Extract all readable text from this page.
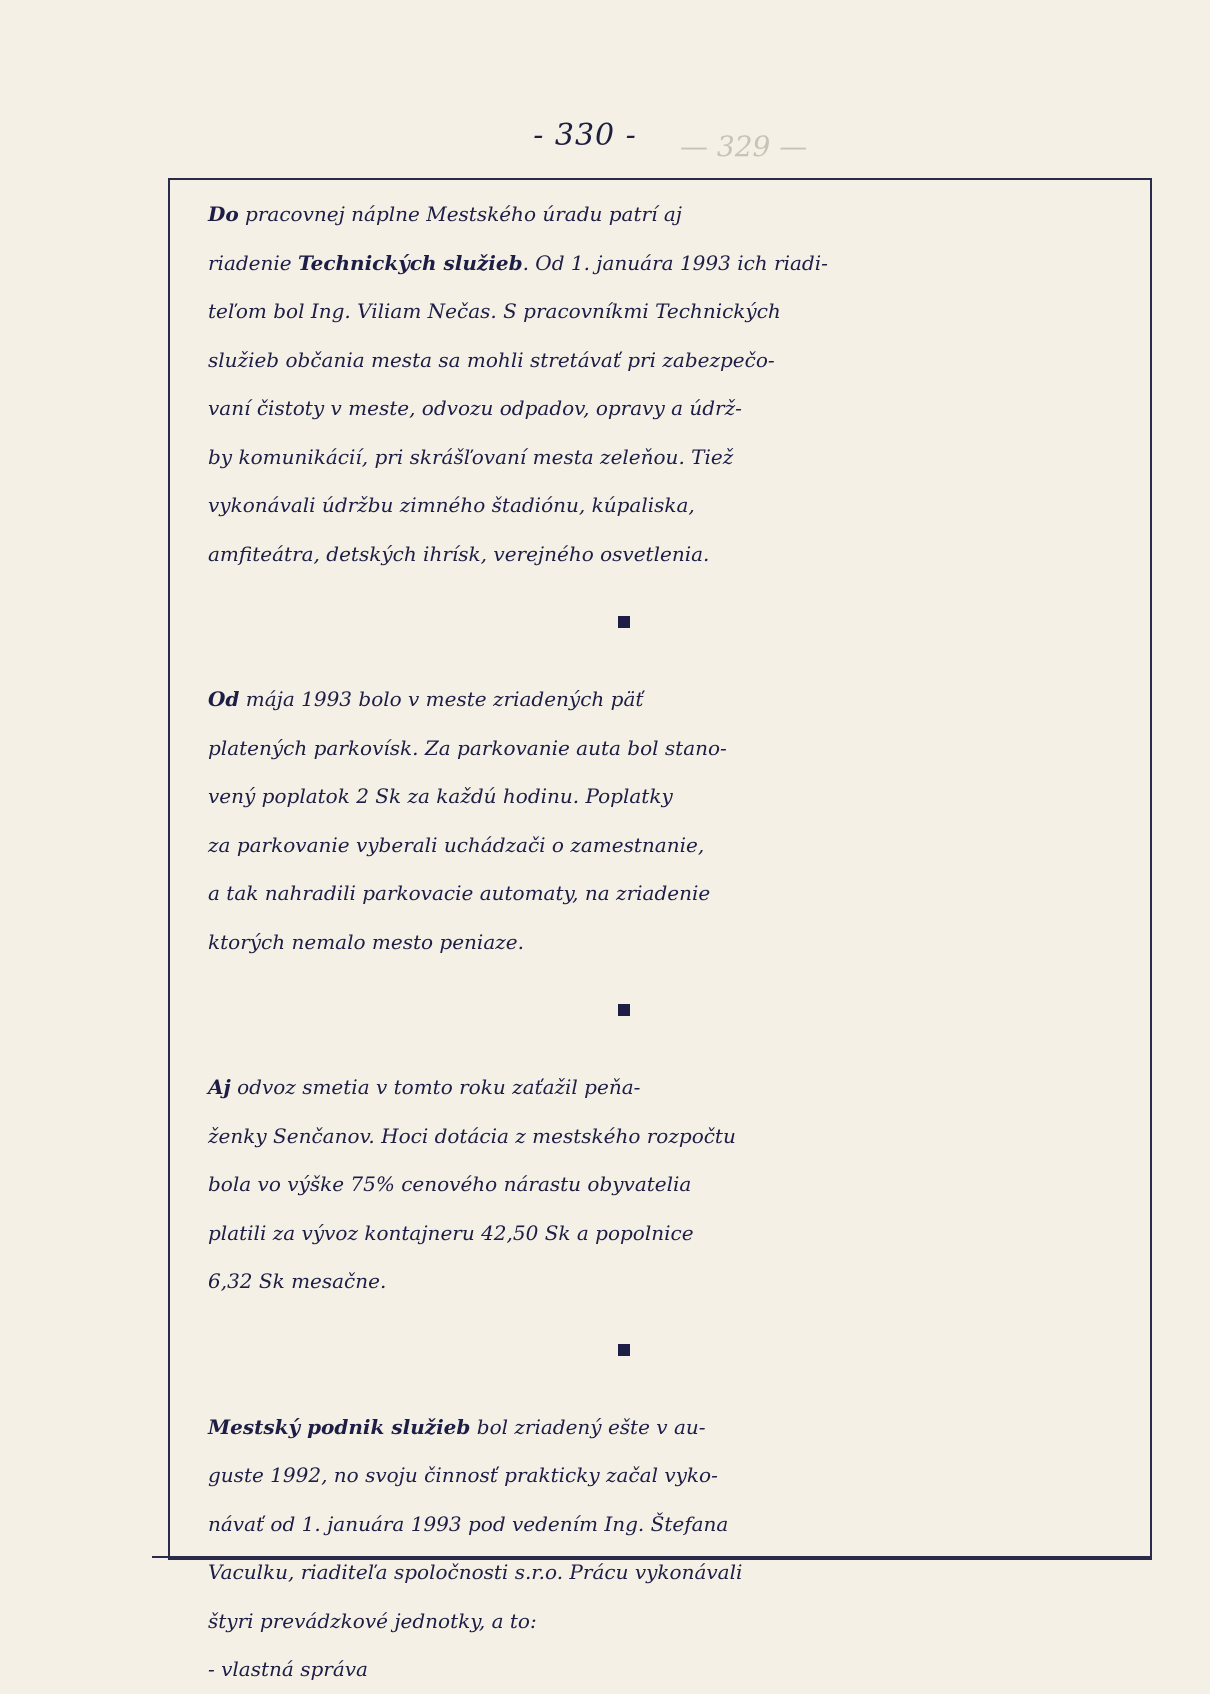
— 329 —
- 330 -

Do pracovnej náplne Mestského úradu patrí aj

riadenie Technických služieb. Od 1. januára 1993 ich riadi-

teľom bol Ing. Viliam Nečas. S pracovníkmi Technických

služieb občania mesta sa mohli stretávať pri zabezpečo-

vaní čistoty v meste, odvozu odpadov, opravy a údrž-

by komunikácií, pri skrášľovaní mesta zeleňou. Tiež

vykonávali údržbu zimného štadiónu, kúpaliska,

amfiteátra, detských ihrísk, verejného osvetlenia.

Od mája 1993 bolo v meste zriadených päť

platených parkovísk. Za parkovanie auta bol stano-

vený poplatok 2 Sk za každú hodinu. Poplatky

za parkovanie vyberali uchádzači o zamestnanie,

a tak nahradili parkovacie automaty, na zriadenie

ktorých nemalo mesto peniaze.

Aj odvoz smetia v tomto roku zaťažil peňa-

ženky Senčanov. Hoci dotácia z mestského rozpočtu

bola vo výške 75% cenového nárastu obyvatelia

platili za vývoz kontajneru 42,50 Sk a popolnice

6,32 Sk mesačne.

Mestský podnik služieb bol zriadený ešte v au-

guste 1992, no svoju činnosť prakticky začal vyko-

návať od 1. januára 1993 pod vedením Ing. Štefana

Vaculku, riaditeľa spoločnosti s.r.o. Prácu vykonávali

štyri prevádzkové jednotky, a to:

- vlastná správa
